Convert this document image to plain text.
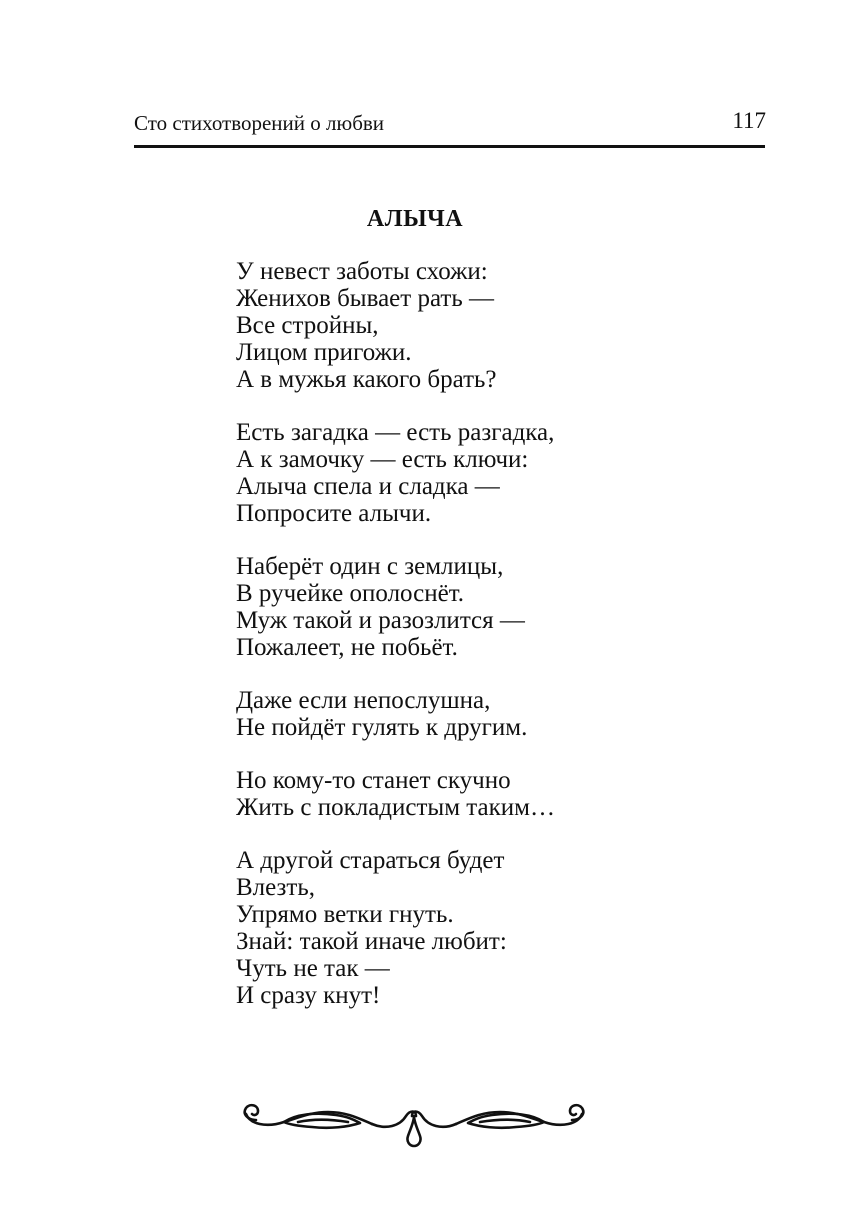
Сто стихотворений о любви	117
АЛЫЧА
У невест заботы схожи:
Женихов бывает рать —
Все стройны,
Лицом пригожи.
А в мужья какого брать?
Есть загадка — есть разгадка,
А к замочку — есть ключи:
Алыча спела и сладка —
Попросите алычи.
Наберёт один с землицы,
В ручейке ополоснёт.
Муж такой и разозлится —
Пожалеет, не побьёт.
Даже если непослушна,
Не пойдёт гулять к другим.
Но кому-то станет скучно
Жить с покладистым таким…
А другой стараться будет
Влезть,
Упрямо ветки гнуть.
Знай: такой иначе любит:
Чуть не так —
И сразу кнут!
